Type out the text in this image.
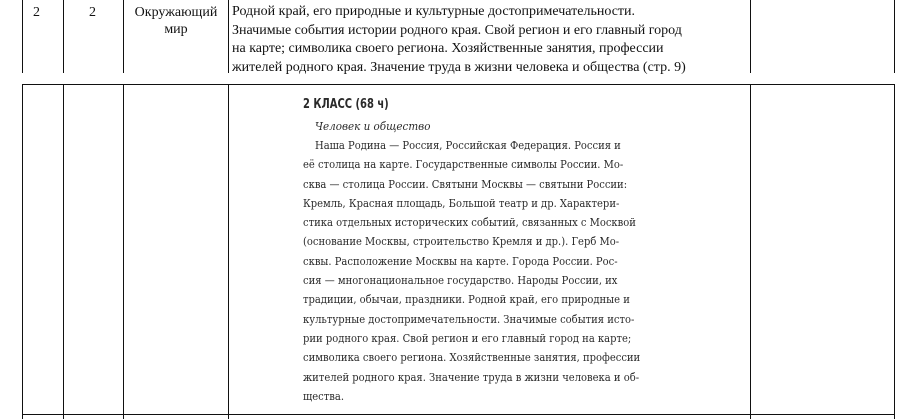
2	2	Окружающий
мир
Родной край, его природные и культурные достопримечательности.
Значимые события истории родного края. Свой регион и его главный город
на карте; символика своего региона. Хозяйственные занятия, профессии
жителей родного края. Значение труда в жизни человека и общества (стр. 9)
2 КЛАСС (68 ч)
Человек и общество
Наша Родина — Россия, Российская Федерация. Россия и
её столица на карте. Государственные символы России. Мо-
сква — столица России. Святыни Москвы — святыни России:
Кремль, Красная площадь, Большой театр и др. Характери-
стика отдельных исторических событий, связанных с Москвой
(основание Москвы, строительство Кремля и др.). Герб Мо-
сквы. Расположение Москвы на карте. Города России. Рос-
сия — многонациональное государство. Народы России, их
традиции, обычаи, праздники. Родной край, его природные и
культурные достопримечательности. Значимые события исто-
рии родного края. Свой регион и его главный город на карте;
символика своего региона. Хозяйственные занятия, профессии
жителей родного края. Значение труда в жизни человека и об-
щества.
